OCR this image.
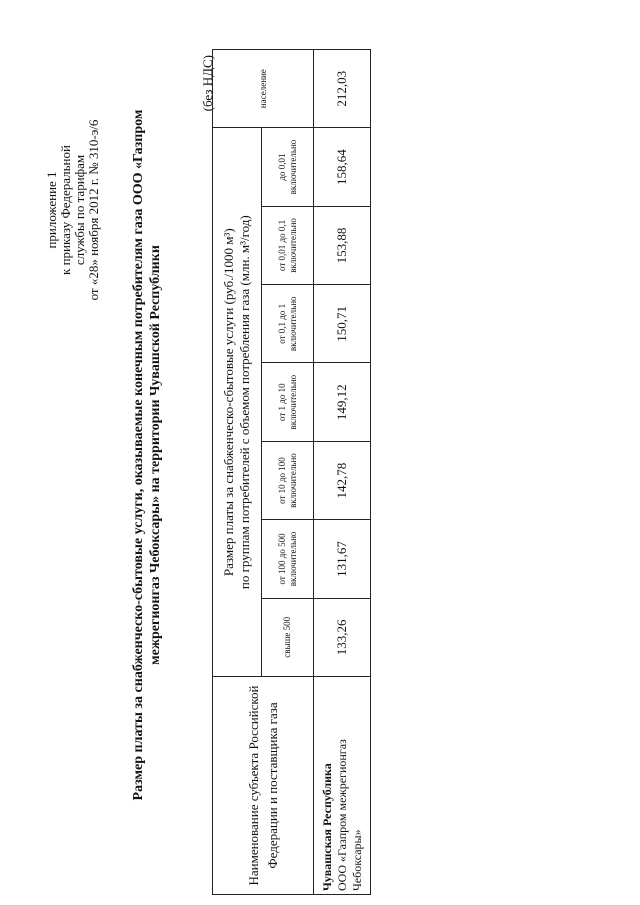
приложение 1 к приказу Федеральной службы по тарифам от «28» ноября 2012 г. № 310-э/6 Размер платы за снабженческо-сбытовые услуги, оказываемые конечным потребителям газа ООО «Газпром межрегионгаз Чебоксары» на территории Чувашской Республики
(без НДС)
Наименование субъекта Российской Федерации и поставщика газа	Размер платы за снабженческо-сбытовые услуги (руб./1000 м³) по группам потребителей с объемом потребления газа (млн. м³/год)							население
	свыше 500	от 100 до 500 включительно	от 10 до 100 включительно	от 1 до 10 включительно	от 0,1 до 1 включительно	от 0,01 до 0,1 включительно	до 0,01 включительно	

Чувашская Республика ООО «Газпром межрегионгаз Чебоксары»	133,26	131,67	142,78	149,12	150,71	153,88	158,64	212,03
